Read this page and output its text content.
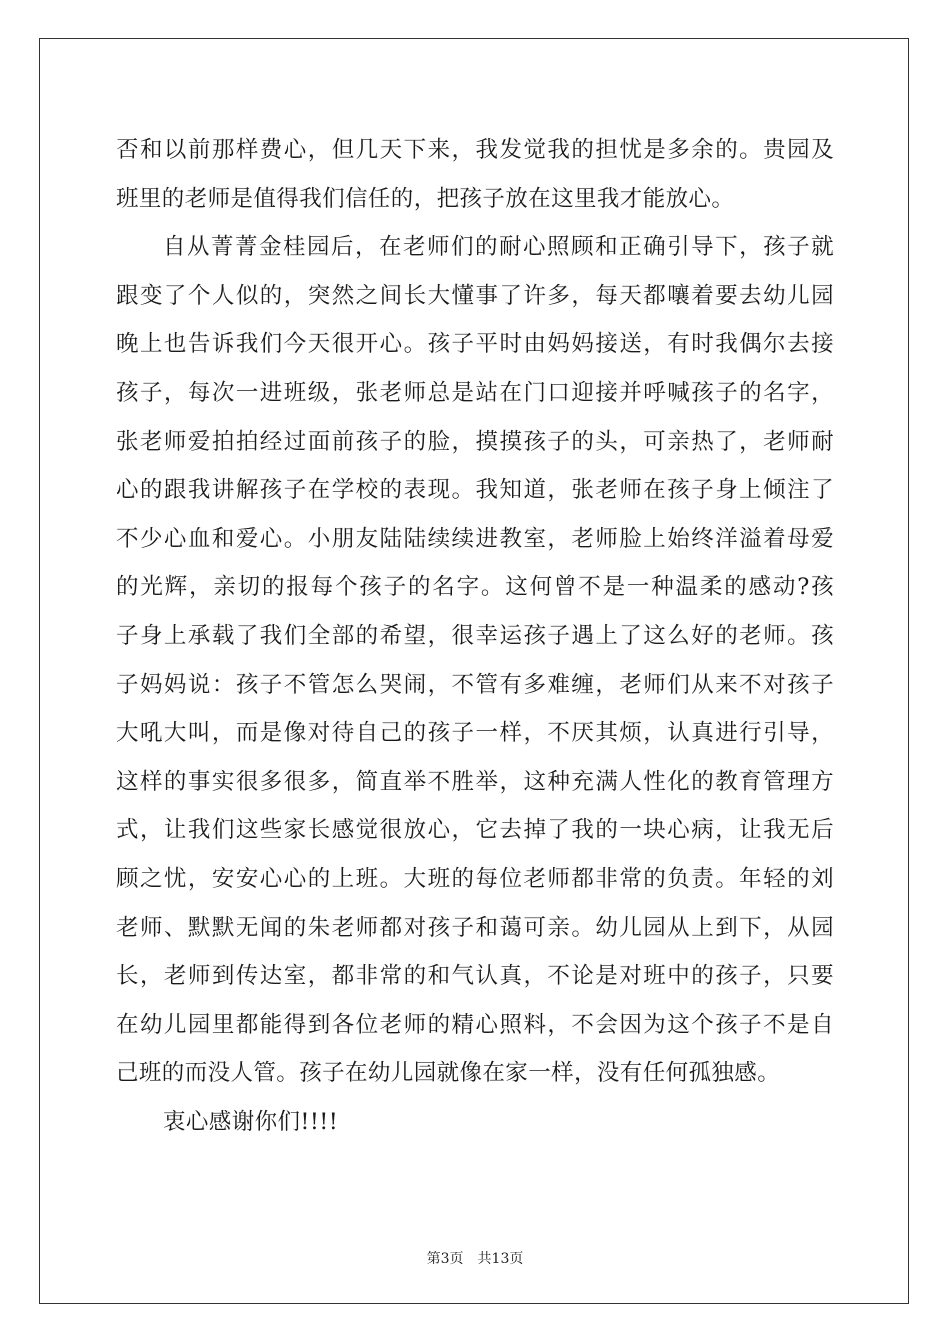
否和以前那样费心，但几天下来，我发觉我的担忧是多余的。贵园及
班里的老师是值得我们信任的，把孩子放在这里我才能放心。
自从菁菁金桂园后，在老师们的耐心照顾和正确引导下，孩子就
跟变了个人似的，突然之间长大懂事了许多，每天都嚷着要去幼儿园
晚上也告诉我们今天很开心。孩子平时由妈妈接送，有时我偶尔去接
孩子，每次一进班级，张老师总是站在门口迎接并呼喊孩子的名字，
张老师爱拍拍经过面前孩子的脸，摸摸孩子的头，可亲热了，老师耐
心的跟我讲解孩子在学校的表现。我知道，张老师在孩子身上倾注了
不少心血和爱心。小朋友陆陆续续进教室，老师脸上始终洋溢着母爱
的光辉，亲切的报每个孩子的名字。这何曾不是一种温柔的感动?孩
子身上承载了我们全部的希望，很幸运孩子遇上了这么好的老师。孩
子妈妈说：孩子不管怎么哭闹，不管有多难缠，老师们从来不对孩子
大吼大叫，而是像对待自己的孩子一样，不厌其烦，认真进行引导，
这样的事实很多很多，简直举不胜举，这种充满人性化的教育管理方
式，让我们这些家长感觉很放心，它去掉了我的一块心病，让我无后
顾之忧，安安心心的上班。大班的每位老师都非常的负责。年轻的刘
老师、默默无闻的朱老师都对孩子和蔼可亲。幼儿园从上到下，从园
长，老师到传达室，都非常的和气认真，不论是对班中的孩子，只要
在幼儿园里都能得到各位老师的精心照料，不会因为这个孩子不是自
己班的而没人管。孩子在幼儿园就像在家一样，没有任何孤独感。
衷心感谢你们!!!!
第3页 共13页
